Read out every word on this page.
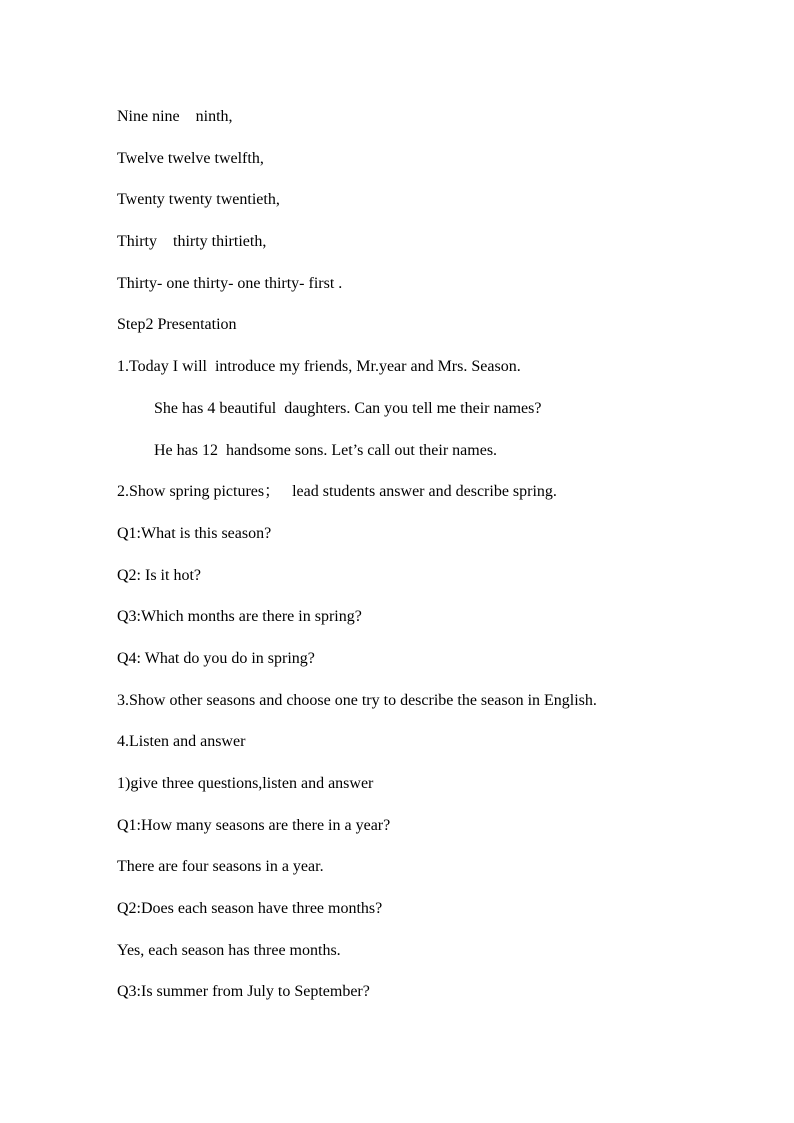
Nine nine    ninth,
Twelve twelve twelfth,
Twenty twenty twentieth,
Thirty    thirty thirtieth,
Thirty- one thirty- one thirty- first .
Step2 Presentation
1.Today I will  introduce my friends, Mr.year and Mrs. Season.
She has 4 beautiful  daughters. Can you tell me their names?
He has 12  handsome sons. Let’s call out their names.
2.Show spring pictures；   lead students answer and describe spring.
Q1:What is this season?
Q2: Is it hot?
Q3:Which months are there in spring?
Q4: What do you do in spring?
3.Show other seasons and choose one try to describe the season in English.
4.Listen and answer
1)give three questions,listen and answer
Q1:How many seasons are there in a year?
There are four seasons in a year.
Q2:Does each season have three months?
Yes, each season has three months.
Q3:Is summer from July to September?
